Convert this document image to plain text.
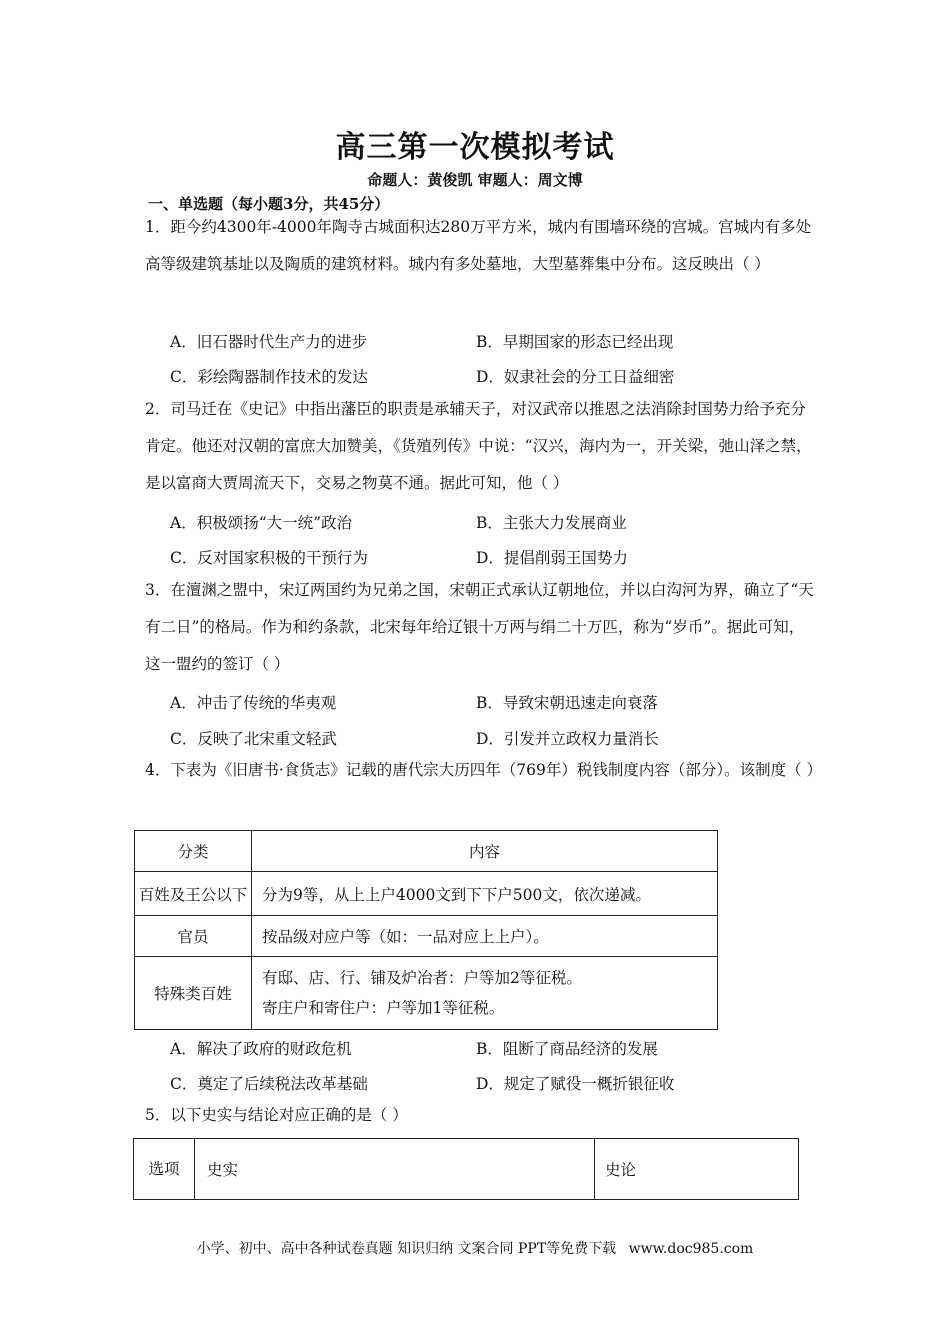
高三第一次模拟考试
命题人：黄俊凯 审题人：周文博
一、单选题（每小题3分，共45分）
1．距今约4300年-4000年陶寺古城面积达280万平方米，城内有围墙环绕的宫城。宫城内有多处高等级建筑基址以及陶质的建筑材料。城内有多处墓地，大型墓葬集中分布。这反映出（ ）
A．旧石器时代生产力的进步	B．早期国家的形态已经出现
C．彩绘陶器制作技术的发达	D．奴隶社会的分工日益细密
2．司马迁在《史记》中指出藩臣的职责是承辅天子，对汉武帝以推恩之法消除封国势力给予充分肯定。他还对汉朝的富庶大加赞美，《货殖列传》中说：“汉兴，海内为一，开关梁，弛山泽之禁，是以富商大贾周流天下，交易之物莫不通。据此可知，他（ ）
A．积极颂扬“大一统”政治	B．主张大力发展商业
C．反对国家积极的干预行为	D．提倡削弱王国势力
3．在澶渊之盟中，宋辽两国约为兄弟之国，宋朝正式承认辽朝地位，并以白沟河为界，确立了“天有二日”的格局。作为和约条款，北宋每年给辽银十万两与绢二十万匹，称为“岁币”。据此可知，这一盟约的签订（ ）
A．冲击了传统的华夷观	B．导致宋朝迅速走向衰落
C．反映了北宋重文轻武	D．引发并立政权力量消长
4．下表为《旧唐书·食货志》记载的唐代宗大历四年（769年）税钱制度内容（部分）。该制度（ ）
分类	内容
百姓及王公以下	分为9等，从上上户4000文到下下户500文，依次递减。
官员	按品级对应户等（如：一品对应上上户）。
特殊类百姓	有邸、店、行、铺及炉冶者：户等加2等征税。
寄庄户和寄住户：户等加1等征税。
A．解决了政府的财政危机	B．阻断了商品经济的发展
C．奠定了后续税法改革基础	D．规定了赋役一概折银征收
5．以下史实与结论对应正确的是（ ）
选项	史实	史论
小学、初中、高中各种试卷真题 知识归纳 文案合同 PPT等免费下载 www.doc985.com
